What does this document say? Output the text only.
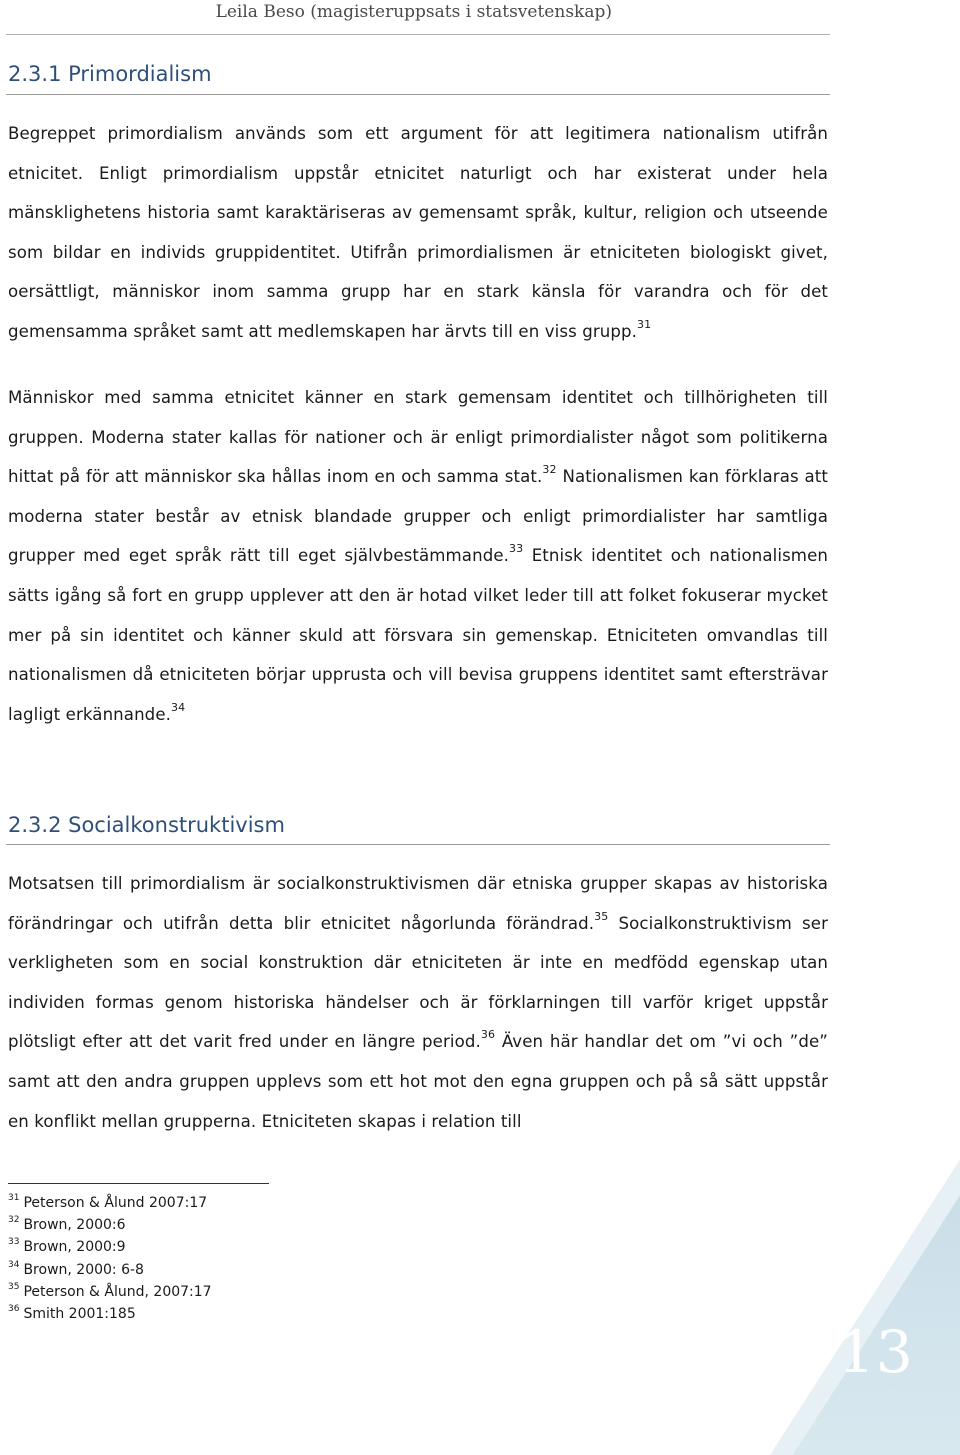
Leila Beso (magisteruppsats i statsvetenskap)
2.3.1 Primordialism

Begreppet primordialism används som ett argument för att legitimera nationalism utifrån etnicitet. Enligt primordialism uppstår etnicitet naturligt och har existerat under hela mänsklighetens historia samt karaktäriseras av gemensamt språk, kultur, religion och utseende som bildar en individs gruppidentitet. Utifrån primordialismen är etniciteten biologiskt givet, oersättligt, människor inom samma grupp har en stark känsla för varandra och för det gemensamma språket samt att medlemskapen har ärvts till en viss grupp.$^{31}$

Människor med samma etnicitet känner en stark gemensam identitet och tillhörigheten till gruppen. Moderna stater kallas för nationer och är enligt primordialister något som politikerna hittat på för att människor ska hållas inom en och samma stat.$^{32}$ Nationalismen kan förklaras att moderna stater består av etnisk blandade grupper och enligt primordialister har samtliga grupper med eget språk rätt till eget självbestämmande.$^{33}$ Etnisk identitet och nationalismen sätts igång så fort en grupp upplever att den är hotad vilket leder till att folket fokuserar mycket mer på sin identitet och känner skuld att försvara sin gemenskap. Etniciteten omvandlas till nationalismen då etniciteten börjar upprusta och vill bevisa gruppens identitet samt eftersträvar lagligt erkännande.$^{34}$

2.3.2 Socialkonstruktivism

Motsatsen till primordialism är socialkonstruktivismen där etniska grupper skapas av historiska förändringar och utifrån detta blir etnicitet någorlunda förändrad.$^{35}$ Socialkonstruktivism ser verkligheten som en social konstruktion där etniciteten är inte en medfödd egenskap utan individen formas genom historiska händelser och är förklarningen till varför kriget uppstår plötsligt efter att det varit fred under en längre period.$^{36}$ Även här handlar det om ”vi och ”de” samt att den andra gruppen upplevs som ett hot mot den egna gruppen och på så sätt uppstår en konflikt mellan grupperna. Etniciteten skapas i relation till

$^{31}$ Peterson & Ålund 2007:17
$^{32}$ Brown, 2000:6
$^{33}$ Brown, 2000:9
$^{34}$ Brown, 2000: 6-8
$^{35}$ Peterson & Ålund, 2007:17
$^{36}$ Smith 2001:185
13
